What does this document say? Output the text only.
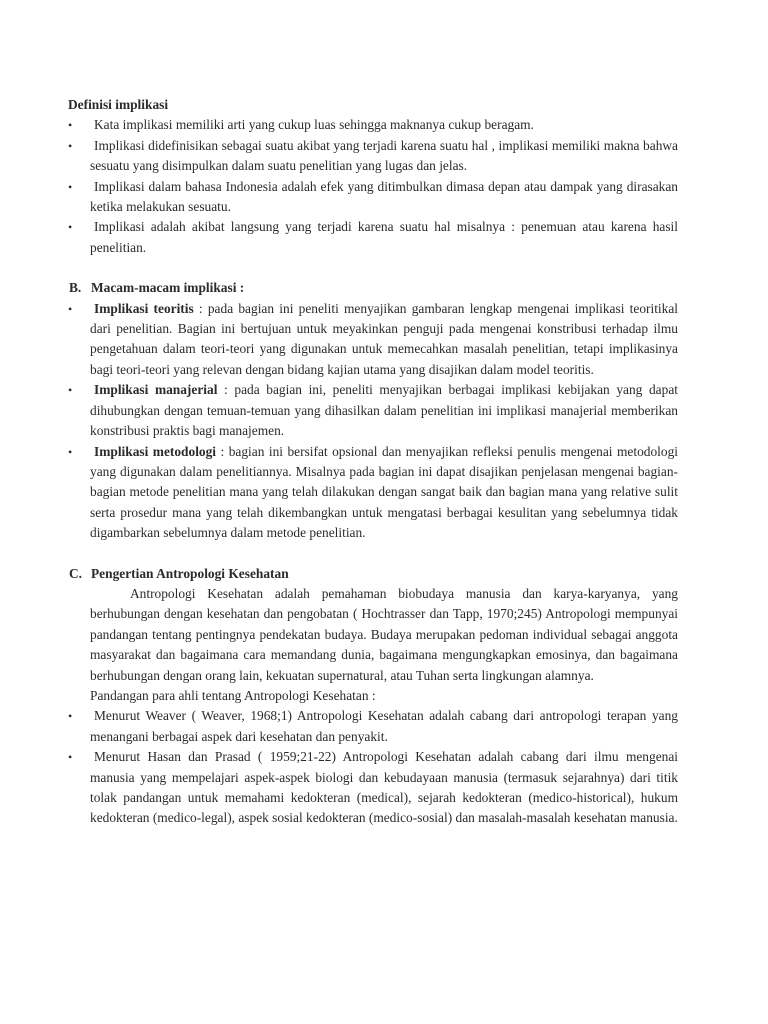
Definisi implikasi

•	Kata implikasi memiliki arti yang cukup luas sehingga maknanya cukup beragam.
•	Implikasi didefinisikan sebagai suatu akibat yang terjadi karena suatu hal , implikasi memiliki makna bahwa sesuatu yang disimpulkan dalam suatu penelitian yang lugas dan jelas.
•	Implikasi dalam bahasa Indonesia adalah efek yang ditimbulkan dimasa depan atau dampak yang dirasakan ketika melakukan sesuatu.
•	Implikasi adalah akibat langsung yang terjadi karena suatu hal misalnya : penemuan atau karena hasil penelitian.

B. Macam-macam implikasi :

•	Implikasi teoritis : pada bagian ini peneliti menyajikan gambaran lengkap mengenai implikasi teoritikal dari penelitian. Bagian ini bertujuan untuk meyakinkan penguji pada mengenai konstribusi terhadap ilmu pengetahuan dalam teori-teori yang digunakan untuk memecahkan masalah penelitian, tetapi implikasinya bagi teori-teori yang relevan dengan bidang kajian utama yang disajikan dalam model teoritis.
•	Implikasi manajerial : pada bagian ini, peneliti menyajikan berbagai implikasi kebijakan yang dapat dihubungkan dengan temuan-temuan yang dihasilkan dalam penelitian ini implikasi manajerial memberikan konstribusi praktis bagi manajemen.
•	Implikasi metodologi : bagian ini bersifat opsional dan menyajikan refleksi penulis mengenai metodologi yang digunakan dalam penelitiannya. Misalnya pada bagian ini dapat disajikan penjelasan mengenai bagian-bagian metode penelitian mana yang telah dilakukan dengan sangat baik dan bagian mana yang relative sulit serta prosedur mana yang telah dikembangkan untuk mengatasi berbagai kesulitan yang sebelumnya tidak digambarkan sebelumnya dalam metode penelitian.

C. Pengertian Antropologi Kesehatan

Antropologi Kesehatan adalah pemahaman biobudaya manusia dan karya-karyanya, yang berhubungan dengan kesehatan dan pengobatan ( Hochtrasser dan Tapp, 1970;245) Antropologi mempunyai pandangan tentang pentingnya pendekatan budaya. Budaya merupakan pedoman individual sebagai anggota masyarakat dan bagaimana cara memandang dunia, bagaimana mengungkapkan emosinya, dan bagaimana berhubungan dengan orang lain, kekuatan supernatural, atau Tuhan serta lingkungan alamnya.

Pandangan para ahli tentang Antropologi Kesehatan :

•	Menurut Weaver ( Weaver, 1968;1) Antropologi Kesehatan adalah cabang dari antropologi terapan yang menangani berbagai aspek dari kesehatan dan penyakit.
•	Menurut Hasan dan Prasad ( 1959;21-22) Antropologi Kesehatan adalah cabang dari ilmu mengenai manusia yang mempelajari aspek-aspek biologi dan kebudayaan manusia (termasuk sejarahnya) dari titik tolak pandangan untuk memahami kedokteran (medical), sejarah kedokteran (medico-historical), hukum kedokteran (medico-legal), aspek sosial kedokteran (medico-sosial) dan masalah-masalah kesehatan manusia.
